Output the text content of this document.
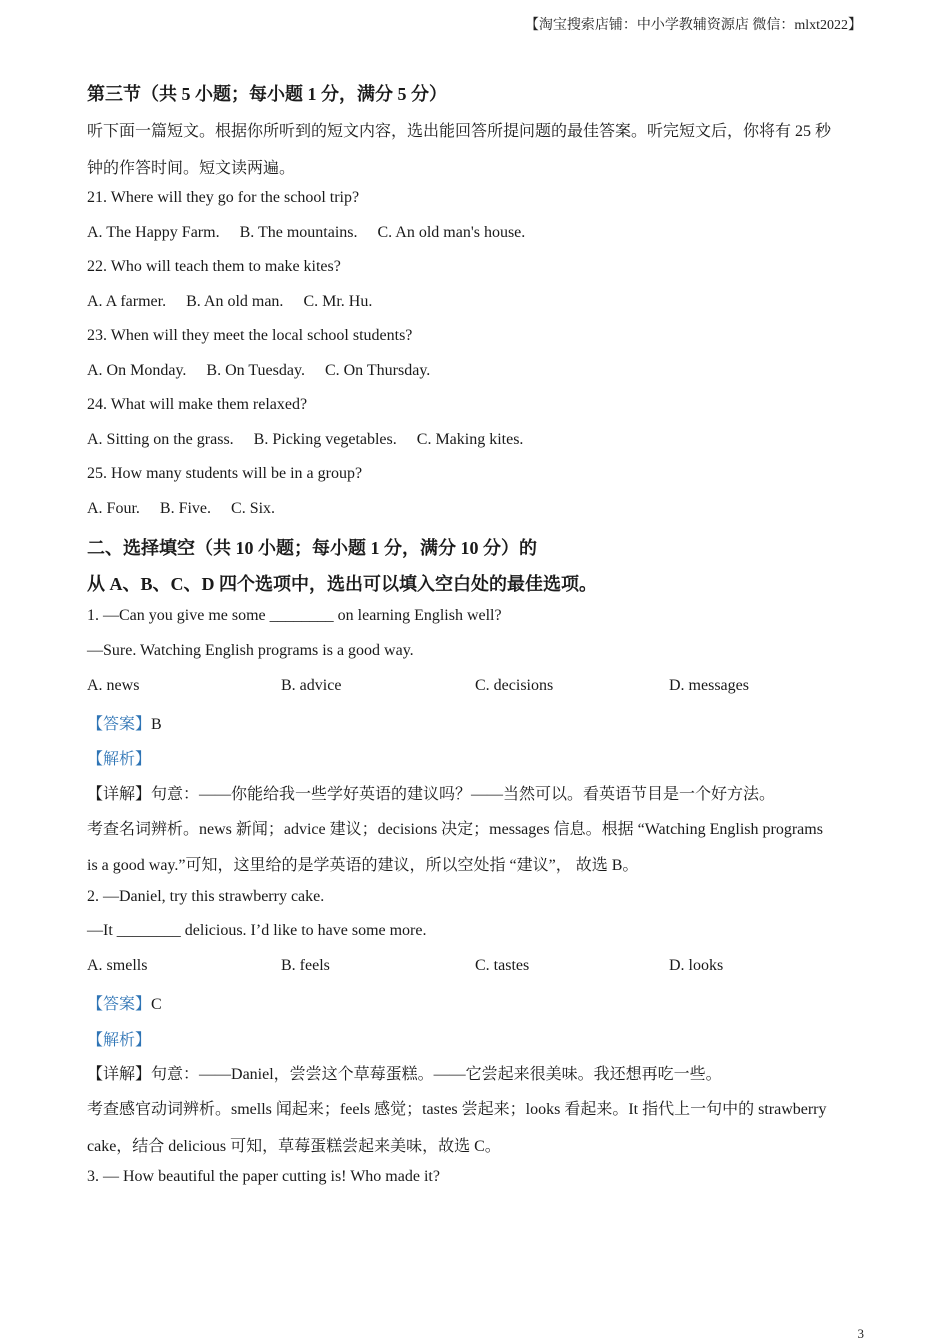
【淘宝搜索店铺：中小学教辅资源店 微信：mlxt2022】
第三节（共 5 小题；每小题 1 分，满分 5 分）
听下面一篇短文。根据你所听到的短文内容，选出能回答所提问题的最佳答案。听完短文后，你将有 25 秒
钟的作答时间。短文读两遍。
21. Where will they go for the school trip?
A. The Happy Farm. B. The mountains. C. An old man's house.
22. Who will teach them to make kites?
A. A farmer. B. An old man. C. Mr. Hu.
23. When will they meet the local school students?
A. On Monday. B. On Tuesday. C. On Thursday.
24. What will make them relaxed?
A. Sitting on the grass. B. Picking vegetables. C. Making kites.
25. How many students will be in a group?
A. Four. B. Five. C. Six.
二、选择填空（共 10 小题；每小题 1 分，满分 10 分）的
从 A、B、C、D 四个选项中，选出可以填入空白处的最佳选项。
1. —Can you give me some ________ on learning English well?
—Sure. Watching English programs is a good way.
A. news	B. advice	C. decisions	D. messages
【答案】B
【解析】
【详解】句意：——你能给我一些学好英语的建议吗？——当然可以。看英语节目是一个好方法。
考查名词辨析。news 新闻；advice 建议；decisions 决定；messages 信息。根据 “Watching English programs
is a good way.”可知，这里给的是学英语的建议，所以空处指 “建议”， 故选 B。
2. —Daniel, try this strawberry cake.
—It ________ delicious. I’d like to have some more.
A. smells	B. feels	C. tastes	D. looks
【答案】C
【解析】
【详解】句意：——Daniel，尝尝这个草莓蛋糕。——它尝起来很美味。我还想再吃一些。
考查感官动词辨析。smells 闻起来；feels 感觉；tastes 尝起来；looks 看起来。It 指代上一句中的 strawberry
cake，结合 delicious 可知，草莓蛋糕尝起来美味，故选 C。
3. — How beautiful the paper cutting is! Who made it?
3
